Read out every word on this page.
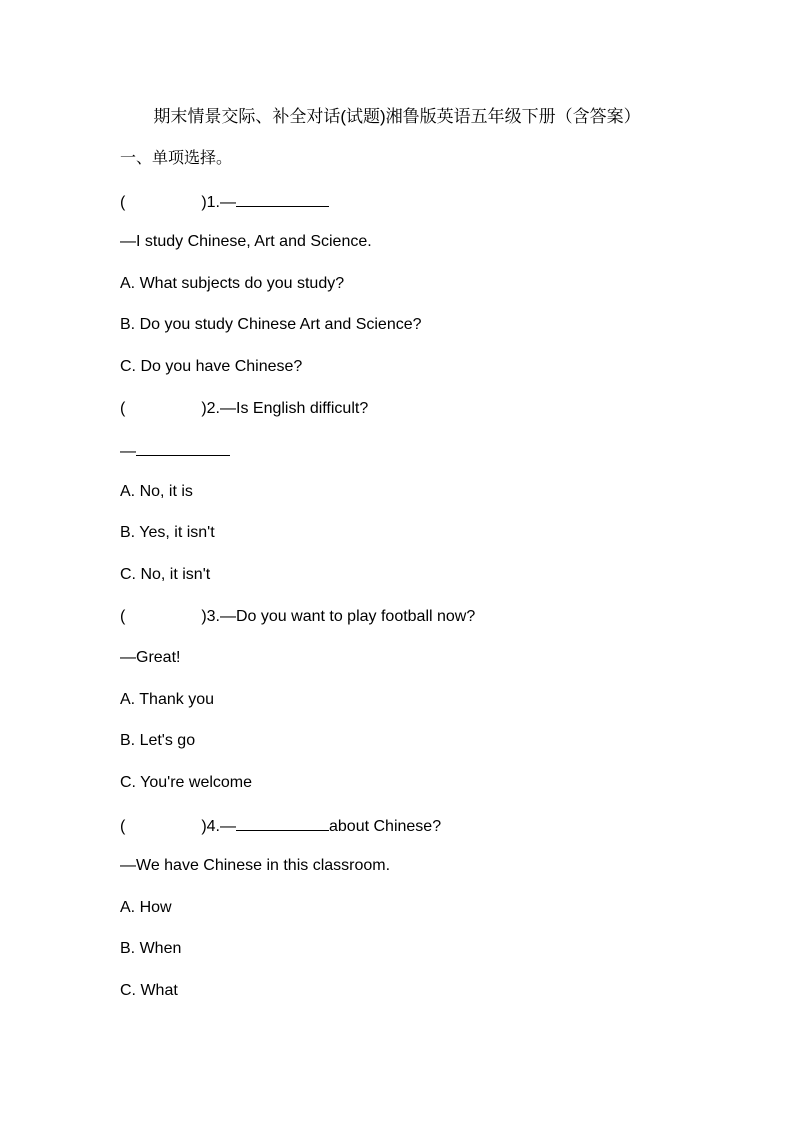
期末情景交际、补全对话(试题)湘鲁版英语五年级下册（含答案）
一、单项选择。
(	)1.—
—I study Chinese, Art and Science.
A. What subjects do you study?
B. Do you study Chinese Art and Science?
C. Do you have Chinese?
(	)2.—Is English difficult?
—
A. No, it is
B. Yes, it isn't
C. No, it isn't
(	)3.—Do you want to play football now?
—Great!
A. Thank you
B. Let's go
C. You're welcome
(	)4.—	about Chinese?
—We have Chinese in this classroom.
A. How
B. When
C. What
